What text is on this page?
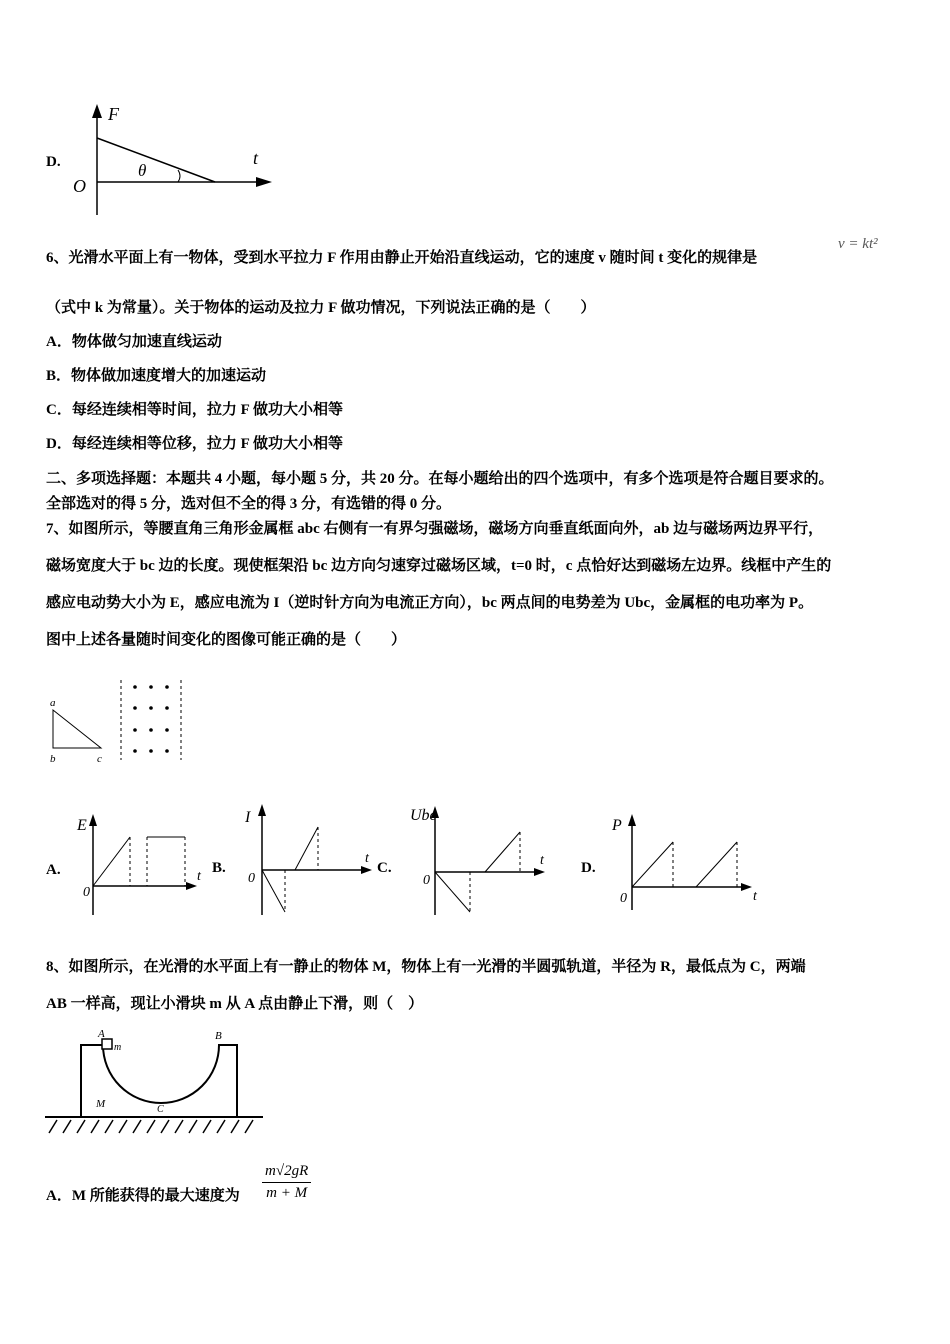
D.
F
t
O
θ
6、光滑水平面上有一物体，受到水平拉力 F 作用由静止开始沿直线运动，它的速度 v 随时间 t 变化的规律是
v = kt²
（式中 k 为常量）。关于物体的运动及拉力 F 做功情况，下列说法正确的是（　　）
A．物体做匀加速直线运动
B．物体做加速度增大的加速运动
C．每经连续相等时间，拉力 F 做功大小相等
D．每经连续相等位移，拉力 F 做功大小相等
二、多项选择题：本题共 4 小题，每小题 5 分，共 20 分。在每小题给出的四个选项中，有多个选项是符合题目要求的。
全部选对的得 5 分，选对但不全的得 3 分，有选错的得 0 分。
7、如图所示，等腰直角三角形金属框 abc 右侧有一有界匀强磁场，磁场方向垂直纸面向外，ab 边与磁场两边界平行，
磁场宽度大于 bc 边的长度。现使框架沿 bc 边方向匀速穿过磁场区域，t=0 时，c 点恰好达到磁场左边界。线框中产生的
感应电动势大小为 E，感应电流为 I（逆时针方向为电流正方向），bc 两点间的电势差为 Ubc，金属框的电功率为 P。
图中上述各量随时间变化的图像可能正确的是（　　）
a
b	c
A.
E
t
0
B.
I
t
0
C.
Ubc
t
0
D.
P
t
0
8、如图所示，在光滑的水平面上有一静止的物体 M，物体上有一光滑的半圆弧轨道，半径为 R，最低点为 C，两端
AB 一样高，现让小滑块 m 从 A 点由静止下滑，则（　）
A	B
m
M	C
A．M 所能获得的最大速度为 $\frac{m√2gR}{m + M}$
